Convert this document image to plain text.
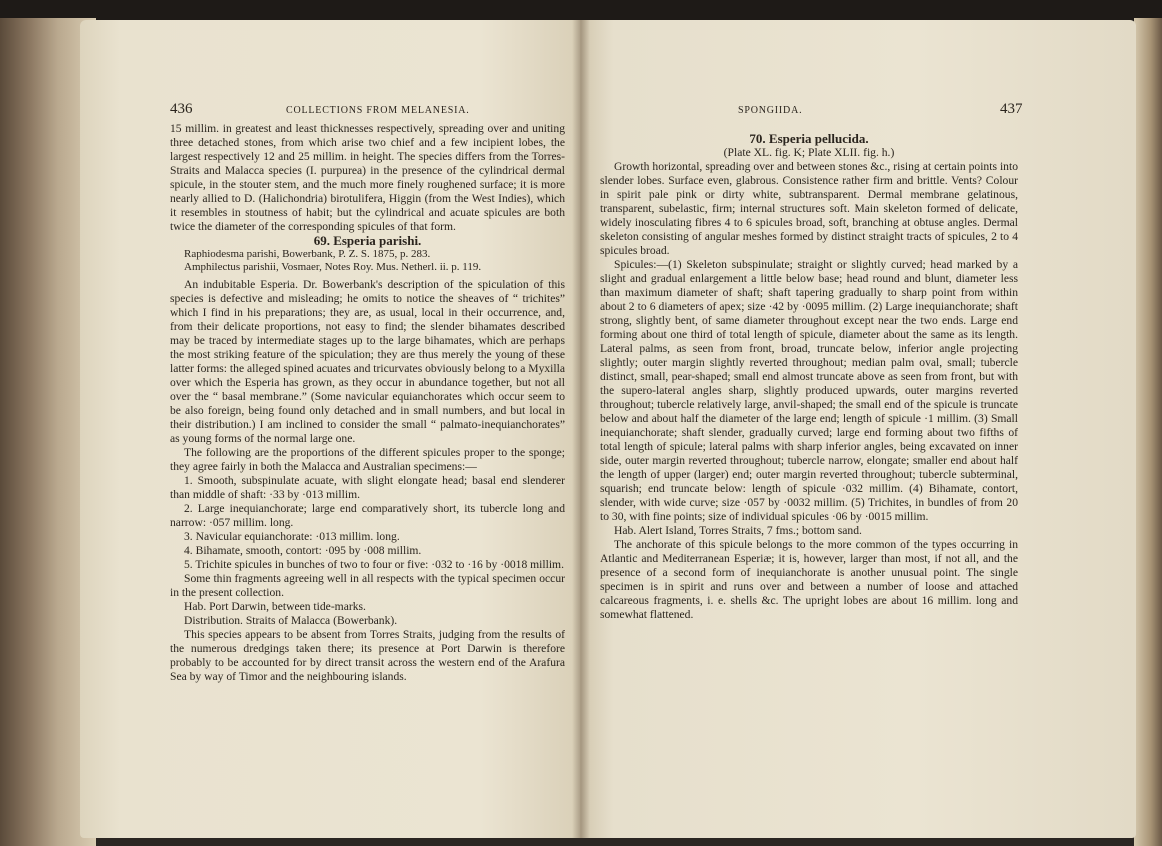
436	COLLECTIONS FROM MELANESIA.

15 millim. in greatest and least thicknesses respectively, spreading over and uniting three detached stones, from which arise two chief and a few incipient lobes, the largest respectively 12 and 25 millim. in height. The species differs from the Torres-Straits and Malacca species (I. purpurea) in the presence of the cylindrical dermal spicule, in the stouter stem, and the much more finely roughened surface; it is more nearly allied to D. (Halichondria) birotulifera, Higgin (from the West Indies), which it resembles in stoutness of habit; but the cylindrical and acuate spicules are both twice the diameter of the corresponding spicules of that form.

69. Esperia parishi.

Raphiodesma parishi, Bowerbank, P. Z. S. 1875, p. 283.

Amphilectus parishii, Vosmaer, Notes Roy. Mus. Netherl. ii. p. 119.

An indubitable Esperia. Dr. Bowerbank's description of the spiculation of this species is defective and misleading; he omits to notice the sheaves of “ trichites” which I find in his preparations; they are, as usual, local in their occurrence, and, from their delicate proportions, not easy to find; the slender bihamates described may be traced by intermediate stages up to the large bihamates, which are perhaps the most striking feature of the spiculation; they are thus merely the young of these latter forms: the alleged spined acuates and tricurvates obviously belong to a Myxilla over which the Esperia has grown, as they occur in abundance together, but not all over the “ basal membrane.” (Some navicular equianchorates which occur seem to be also foreign, being found only detached and in small numbers, and but local in their distribution.) I am inclined to consider the small “ palmato-inequianchorates” as young forms of the normal large one.

The following are the proportions of the different spicules proper to the sponge; they agree fairly in both the Malacca and Australian specimens:—

1. Smooth, subspinulate acuate, with slight elongate head; basal end slenderer than middle of shaft: ·33 by ·013 millim.

2. Large inequianchorate; large end comparatively short, its tubercle long and narrow: ·057 millim. long.

3. Navicular equianchorate: ·013 millim. long.

4. Bihamate, smooth, contort: ·095 by ·008 millim.

5. Trichite spicules in bunches of two to four or five: ·032 to ·16 by ·0018 millim.

Some thin fragments agreeing well in all respects with the typical specimen occur in the present collection.

Hab. Port Darwin, between tide-marks.

Distribution. Straits of Malacca (Bowerbank).

This species appears to be absent from Torres Straits, judging from the results of the numerous dredgings taken there; its presence at Port Darwin is therefore probably to be accounted for by direct transit across the western end of the Arafura Sea by way of Timor and the neighbouring islands.

SPONGIIDA.	437

70. Esperia pellucida.

(Plate XL. fig. K; Plate XLII. fig. h.)

Growth horizontal, spreading over and between stones &c., rising at certain points into slender lobes. Surface even, glabrous. Consistence rather firm and brittle. Vents? Colour in spirit pale pink or dirty white, subtransparent. Dermal membrane gelatinous, transparent, subelastic, firm; internal structures soft. Main skeleton formed of delicate, widely inosculating fibres 4 to 6 spicules broad, soft, branching at obtuse angles. Dermal skeleton consisting of angular meshes formed by distinct straight tracts of spicules, 2 to 4 spicules broad.

Spicules:—(1) Skeleton subspinulate; straight or slightly curved; head marked by a slight and gradual enlargement a little below base; head round and blunt, diameter less than maximum diameter of shaft; shaft tapering gradually to sharp point from within about 2 to 6 diameters of apex; size ·42 by ·0095 millim. (2) Large inequianchorate; shaft strong, slightly bent, of same diameter throughout except near the two ends. Large end forming about one third of total length of spicule, diameter about the same as its length. Lateral palms, as seen from front, broad, truncate below, inferior angle projecting slightly; outer margin slightly reverted throughout; median palm oval, small; tubercle distinct, small, pear-shaped; small end almost truncate above as seen from front, but with the supero-lateral angles sharp, slightly produced upwards, outer margins reverted throughout; tubercle relatively large, anvil-shaped; the small end of the spicule is truncate below and about half the diameter of the large end; length of spicule ·1 millim. (3) Small inequianchorate; shaft slender, gradually curved; large end forming about two fifths of total length of spicule; lateral palms with sharp inferior angles, being excavated on inner side, outer margin reverted throughout; tubercle narrow, elongate; smaller end about half the length of upper (larger) end; outer margin reverted throughout; tubercle subterminal, squarish; end truncate below: length of spicule ·032 millim. (4) Bihamate, contort, slender, with wide curve; size ·057 by ·0032 millim. (5) Trichites, in bundles of from 20 to 30, with fine points; size of individual spicules ·06 by ·0015 millim.

Hab. Alert Island, Torres Straits, 7 fms.; bottom sand.

The anchorate of this spicule belongs to the more common of the types occurring in Atlantic and Mediterranean Esperiæ; it is, however, larger than most, if not all, and the presence of a second form of inequianchorate is another unusual point. The single specimen is in spirit and runs over and between a number of loose and attached calcareous fragments, i. e. shells &c. The upright lobes are about 16 millim. long and somewhat flattened.
